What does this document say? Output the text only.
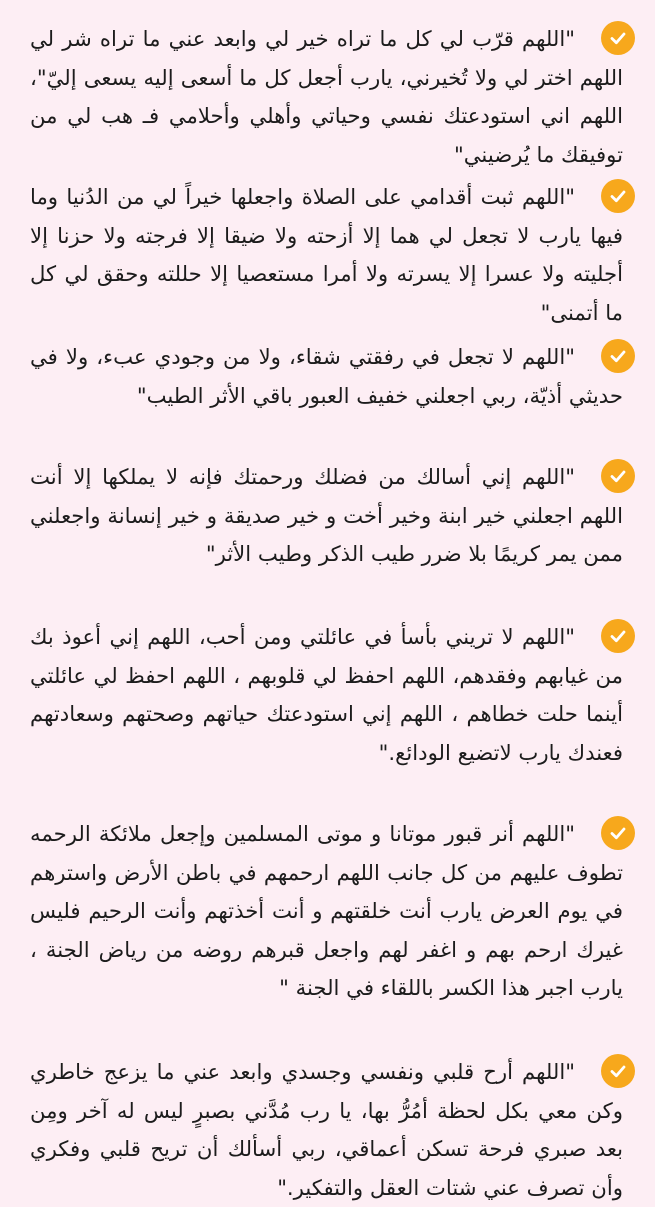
"اللهم قرّب لي كل ما تراه خير لي وابعد عني ما تراه شر لي اللهم اختر لي ولا تُخيرني، يارب أجعل كل ما أسعى إليه يسعى إليّ"، اللهم اني استودعتك نفسي وحياتي وأهلي وأحلامي فـ هب لي من توفيقك ما يُرضيني"

"اللهم ثبت أقدامي على الصلاة واجعلها خيراً لي من الدُنيا وما فيها يارب لا تجعل لي هما إلا أزحته ولا ضيقا إلا فرجته ولا حزنا إلا أجليته ولا عسرا إلا يسرته ولا أمرا مستعصيا إلا حللته وحقق لي كل ما أتمنى"

"اللهم لا تجعل في رفقتي شقاء، ولا من وجودي عبء، ولا في حديثي أذيّة، ربي اجعلني خفيف العبور باقي الأثر الطيب"

"اللهم إني أسالك من فضلك ورحمتك فإنه لا يملكها إلا أنت اللهم اجعلني خير ابنة وخير أخت و خير صديقة و خير إنسانة واجعلني ممن يمر كريمًا بلا ضرر طيب الذكر وطيب الأثر"

"اللهم لا تريني بأسأ في عائلتي ومن أحب، اللهم إني أعوذ بك من غيابهم وفقدهم، اللهم احفظ لي قلوبهم ، اللهم احفظ لي عائلتي أينما حلت خطاهم ، اللهم إني استودعتك حياتهم وصحتهم وسعادتهم فعندك يارب لاتضيع الودائع."

"اللهم أنر قبور موتانا و موتى المسلمين وإجعل ملائكة الرحمه تطوف عليهم من كل جانب اللهم ارحمهم في باطن الأرض واسترهم في يوم العرض يارب أنت خلقتهم و أنت أخذتهم وأنت الرحيم فليس غيرك ارحم بهم و اغفر لهم واجعل قبرهم روضه من رياض الجنة ، يارب اجبر هذا الكسر باللقاء في الجنة "

"اللهم أرح قلبي ونفسي وجسدي وابعد عني ما يزعج خاطري وكن معي بكل لحظة أمُرُّ بها، يا رب مُدَّني بصبرٍ ليس له آخر ومِن بعد صبري فرحة تسكن أعماقي، ربي أسألك أن تريح قلبي وفكري وأن تصرف عني شتات العقل والتفكير."
